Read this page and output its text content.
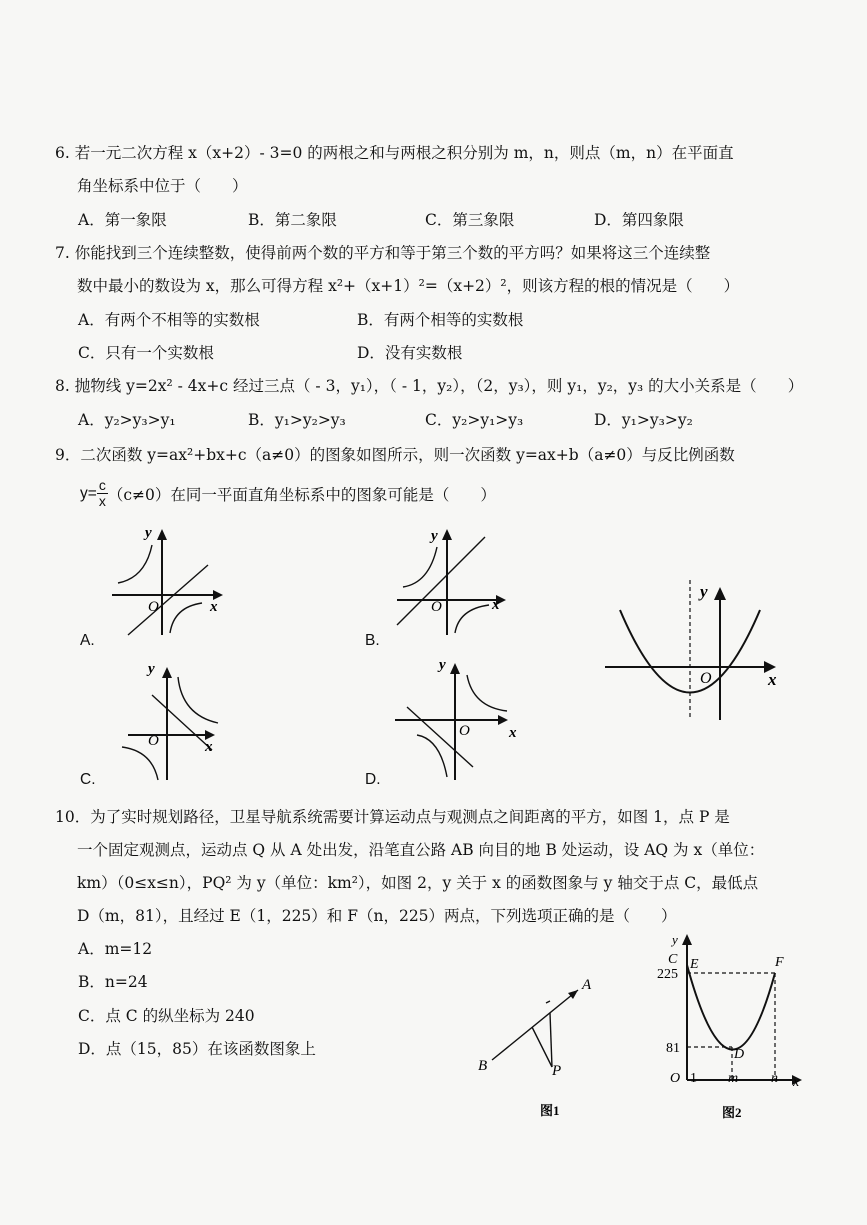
6. 若一元二次方程 x（x+2）- 3=0 的两根之和与两根之积分别为 m，n，则点（m，n）在平面直
角坐标系中位于（　　）
A．第一象限	B．第二象限	C．第三象限	D．第四象限
7. 你能找到三个连续整数，使得前两个数的平方和等于第三个数的平方吗？如果将这三个连续整
数中最小的数设为 x，那么可得方程 x²+（x+1）²=（x+2）²，则该方程的根的情况是（　　）
A．有两个不相等的实数根	B．有两个相等的实数根
C．只有一个实数根	D．没有实数根
8. 抛物线 y=2x² - 4x+c 经过三点（ - 3，y₁），（ - 1，y₂），（2，y₃），则 y₁，y₂，y₃ 的大小关系是（　　）
A．y₂>y₃>y₁	B．y₁>y₂>y₃	C．y₂>y₁>y₃	D．y₁>y₃>y₂
9．二次函数 y=ax²+bx+c（a≠0）的图象如图所示，则一次函数 y=ax+b（a≠0）与反比例函数
$y= \frac{c}{x} (c\ne 0)$在同一平面直角坐标系中的图象可能是（　　）
y
x
O
A.
y
x
O
B.
y
x
O
C.
y
x
O
D.
y
x
O
10．为了实时规划路径，卫星导航系统需要计算运动点与观测点之间距离的平方，如图 1，点 P 是
一个固定观测点，运动点 Q 从 A 处出发，沿笔直公路 AB 向目的地 B 处运动，设 AQ 为 x（单位：
km）（0≤x≤n），PQ² 为 y（单位：km²），如图 2，y 关于 x 的函数图象与 y 轴交于点 C，最低点
D（m，81），且经过 E（1，225）和 F（n，225）两点，下列选项正确的是（　　）
A．m=12
B．n=24
C．点 C 的纵坐标为 240
D．点（15，85）在该函数图象上
A
B	P
图1
y
x
O
C E	F
D
225
81
1 m n
图2
